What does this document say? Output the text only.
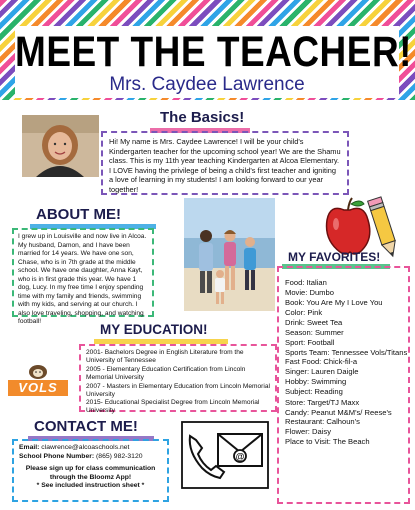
MEET THE TEACHER!
Mrs. Caydee Lawrence
The Basics!
Hi! My name is Mrs. Caydee Lawrence! I will be your child's Kindergarten teacher for the upcoming school year! We are the Shamu class. This is my 11th year teaching Kindergarten at Alcoa Elementary. I LOVE having the privilege of being a child's first teacher and igniting a love of learning in my students! I am looking forward to our year together!
ABOUT ME!
I grew up in Louisville and now live in Alcoa. My husband, Damon, and I have been married for 14 years. We have one son, Chase, who is in 7th grade at the middle school. We have one daughter, Anna Kayt, who is in first grade this year. We have 1 dog, Lucy. In my free time I enjoy spending time with my family and friends, swimming with my kids, and serving at our church. I also love traveling, shopping, and watching football!
MY EDUCATION!
VOLS
2001- Bachelors Degree in English Literature from the University of Tennessee
2005 - Elementary Education Certification from Lincoln Memorial University
2007 - Masters in Elementary Education from Lincoln Memorial University
2015- Educational Specialist Degree from Lincoln Memorial University
MY FAVORITES!
Food: Italian
Movie: Dumbo
Book: You Are My I Love You
Color: Pink
Drink: Sweet Tea
Season: Summer
Sport: Football
Sports Team: Tennessee Vols/Titans
Fast Food: Chick-fil-a
Singer: Lauren Daigle
Hobby: Swimming
Subject: Reading
Store: Target/TJ Maxx
Candy: Peanut M&M's/ Reese's
Restaurant: Calhoun's
Flower: Daisy
Place to Visit: The Beach
CONTACT ME!
Email: clawrence@alcoaschools.net
School Phone Number: (865) 982-3120
Please sign up for class communication
through the Bloomz App!
* See included instruction sheet *
@
